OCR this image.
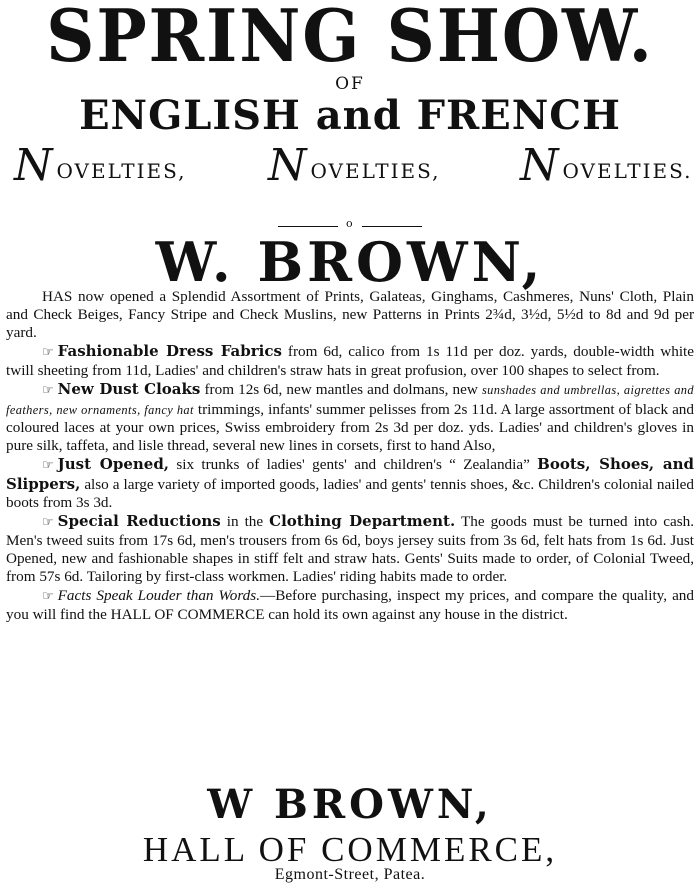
SPRING SHOW.
OF
ENGLISH and FRENCH
NOVELTIES, NOVELTIES, NOVELTIES.
o
W. BROWN,

HAS now opened a Splendid Assortment of Prints, Galateas, Ginghams, Cashmeres, Nuns' Cloth, Plain and Check Beiges, Fancy Stripe and Check Muslins, new Patterns in Prints 2¾d, 3½d, 5½d to 8d and 9d per yard.

☞ Fashionable Dress Fabrics from 6d, calico from 1s 11d per doz. yards, double-width white twill sheeting from 11d, Ladies' and children's straw hats in great profusion, over 100 shapes to select from.

☞ New Dust Cloaks from 12s 6d, new mantles and dolmans, new sunshades and umbrellas, aigrettes and feathers, new ornaments, fancy hat trimmings, infants' summer pelisses from 2s 11d. A large assortment of black and coloured laces at your own prices, Swiss embroidery from 2s 3d per doz. yds. Ladies' and children's gloves in pure silk, taffeta, and lisle thread, several new lines in corsets, first to hand Also,

☞ Just Opened, six trunks of ladies' gents' and children's “ Zealandia” Boots, Shoes, and Slippers, also a large variety of imported goods, ladies' and gents' tennis shoes, &c. Children's colonial nailed boots from 3s 3d.

☞ Special Reductions in the Clothing Department. The goods must be turned into cash. Men's tweed suits from 17s 6d, men's trousers from 6s 6d, boys jersey suits from 3s 6d, felt hats from 1s 6d. Just Opened, new and fashionable shapes in stiff felt and straw hats. Gents' Suits made to order, of Colonial Tweed, from 57s 6d. Tailoring by first-class workmen. Ladies' riding habits made to order.

☞ Facts Speak Louder than Words.—Before purchasing, inspect my prices, and compare the quality, and you will find the HALL OF COMMERCE can hold its own against any house in the district.

W BROWN,
HALL OF COMMERCE,
Egmont-Street, Patea.
